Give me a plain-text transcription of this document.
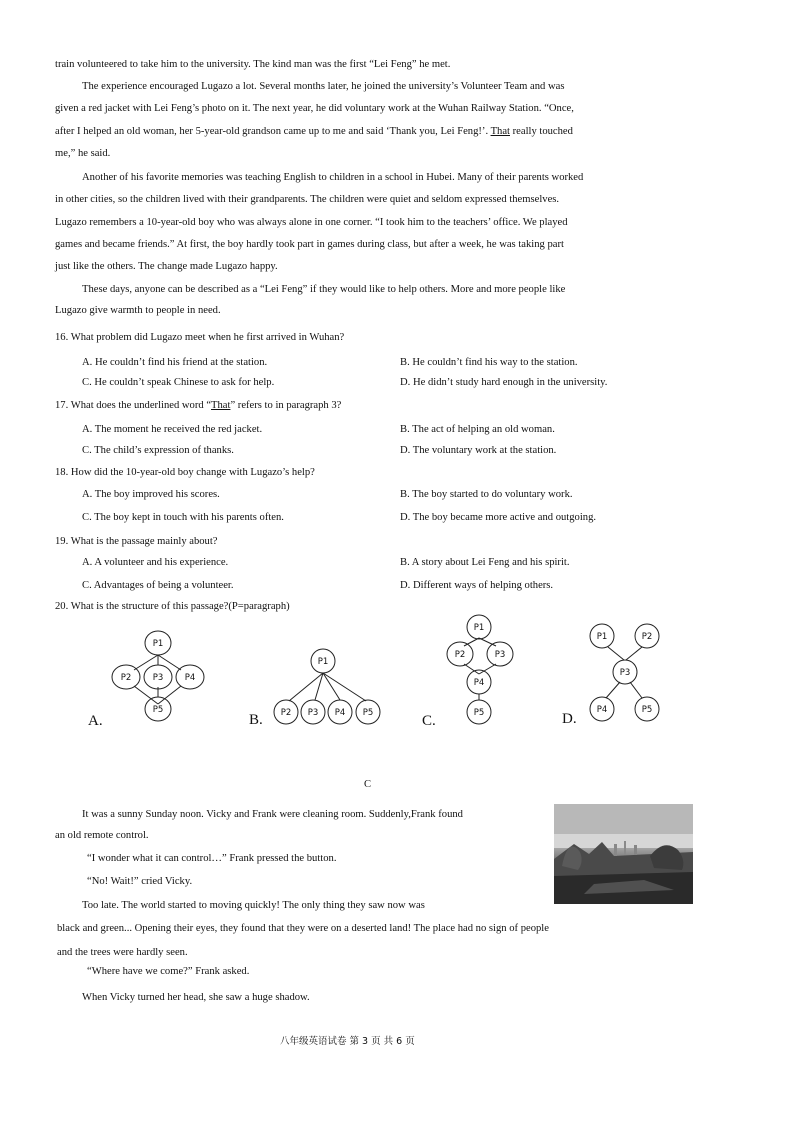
train volunteered to take him to the university. The kind man was the first “Lei Feng” he met.
The experience encouraged Lugazo a lot. Several months later, he joined the university’s Volunteer Team and was
given a red jacket with Lei Feng’s photo on it. The next year, he did voluntary work at the Wuhan Railway Station. “Once,
after I helped an old woman, her 5-year-old grandson came up to me and said ‘Thank you, Lei Feng!’. That really touched
me,” he said.
Another of his favorite memories was teaching English to children in a school in Hubei. Many of their parents worked
in other cities, so the children lived with their grandparents. The children were quiet and seldom expressed themselves.
Lugazo remembers a 10-year-old boy who was always alone in one corner. “I took him to the teachers’ office. We played
games and became friends.” At first, the boy hardly took part in games during class, but after a week, he was taking part
just like the others. The change made Lugazo happy.
These days, anyone can be described as a “Lei Feng” if they would like to help others. More and more people like
Lugazo give warmth to people in need.
16. What problem did Lugazo meet when he first arrived in Wuhan?
A. He couldn’t find his friend at the station.	B. He couldn’t find his way to the station.
C. He couldn’t speak Chinese to ask for help.	D. He didn’t study hard enough in the university.
17. What does the underlined word “That” refers to in paragraph 3?
A. The moment he received the red jacket.	B. The act of helping an old woman.
C. The child’s expression of thanks.	D. The voluntary work at the station.
18. How did the 10-year-old boy change with Lugazo’s help?
A. The boy improved his scores.	B. The boy started to do voluntary work.
C. The boy kept in touch with his parents often.	D. The boy became more active and outgoing.
19. What is the passage mainly about?
A. A volunteer and his experience.	B. A story about Lei Feng and his spirit.
C. Advantages of being a volunteer.	D. Different ways of helping others.
20. What is the structure of this passage?(P=paragraph)
P1
P2	P3	P4
P5
P1
P2 P3 P4 P5
P1
P2	P3
P4
P5
P1	P2
P3
P4	P5
A.	B.	C.	D.
C
It was a sunny Sunday noon. Vicky and Frank were cleaning room. Suddenly,Frank found
an old remote control.
“I wonder what it can control…” Frank pressed the button.
“No! Wait!” cried Vicky.
Too late. The world started to moving quickly! The only thing they saw now was
black and green... Opening their eyes, they found that they were on a deserted land! The place had no sign of people
and the trees were hardly seen.
“Where have we come?” Frank asked.
When Vicky turned her head, she saw a huge shadow.
八年级英语试卷 第 3 页 共 6 页
